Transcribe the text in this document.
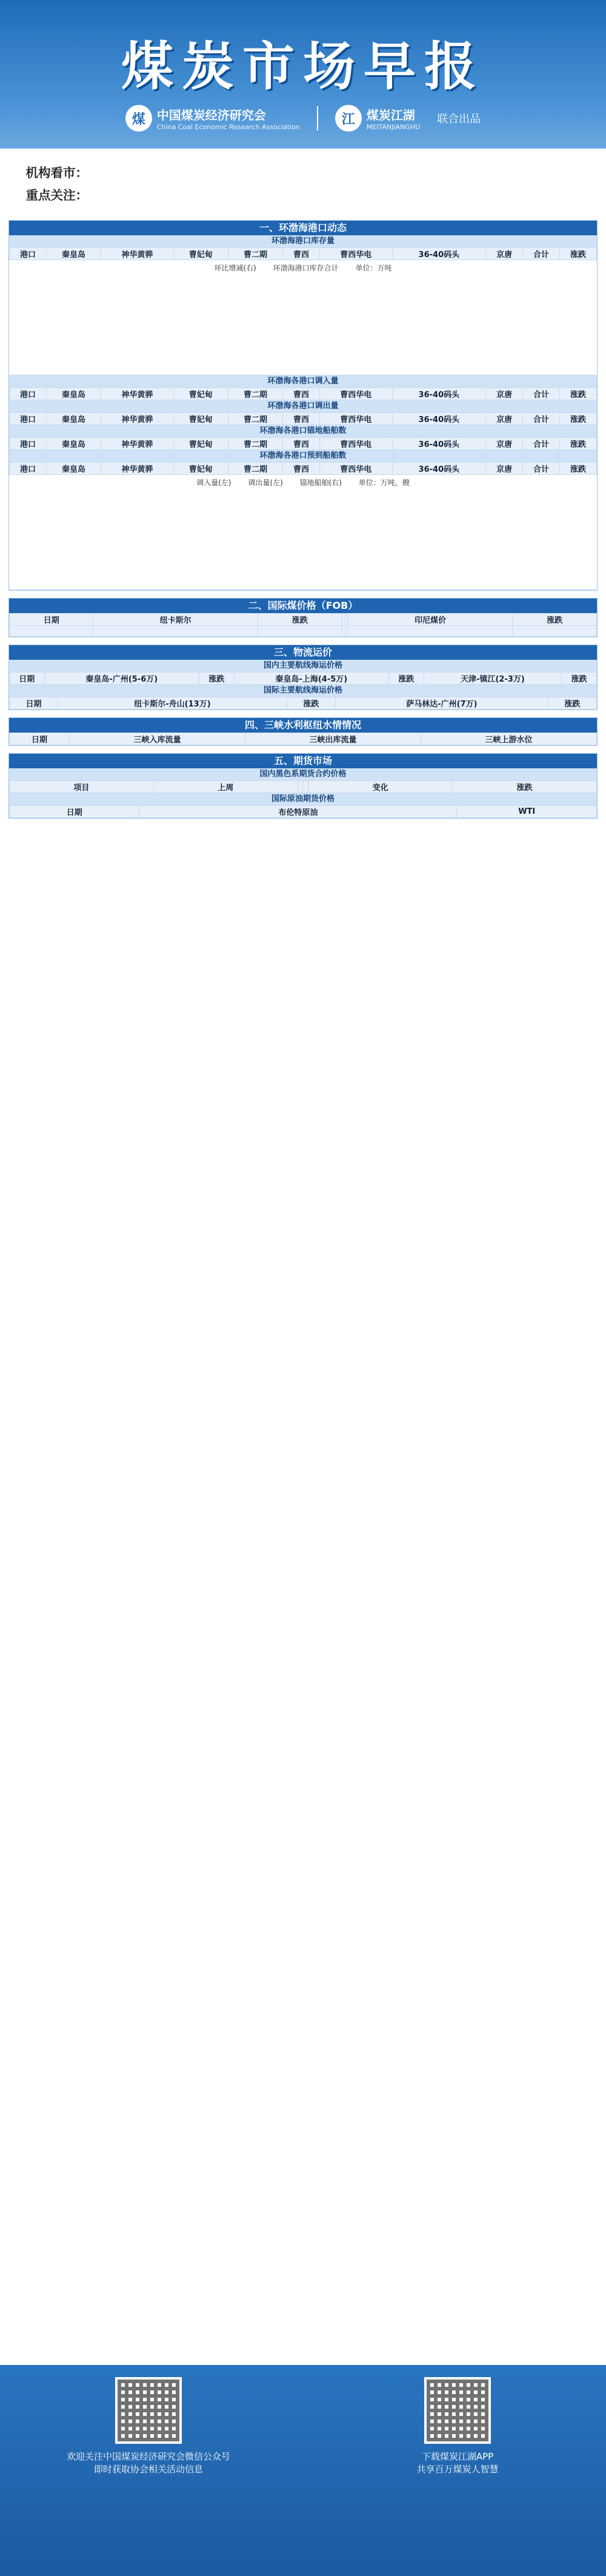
煤炭市场早报
煤 中国煤炭经济研究会
China Coal Economic Research Association	江 煤炭江湖
MEITANJIANGHU
联合出品

机构看市：

重点关注：

一、环渤海港口动态
环渤海港口库存量
港口	秦皇岛	神华黄骅	曹妃甸	曹二期	曹西	曹西华电	36-40码头	京唐	合计	涨跌
环比增减(右) 环渤海港口库存合计 单位：万吨
环渤海各港口调入量
港口	秦皇岛	神华黄骅	曹妃甸	曹二期	曹西	曹西华电	36-40码头	京唐	合计	涨跌
环渤海各港口调出量
港口	秦皇岛	神华黄骅	曹妃甸	曹二期	曹西	曹西华电	36-40码头	京唐	合计	涨跌
环渤海各港口锚地船舶数
港口	秦皇岛	神华黄骅	曹妃甸	曹二期	曹西	曹西华电	36-40码头	京唐	合计	涨跌
环渤海各港口预到船舶数
港口	秦皇岛	神华黄骅	曹妃甸	曹二期	曹西	曹西华电	36-40码头	京唐	合计	涨跌
调入量(左) 调出量(左) 锚地船舶(右) 单位：万吨，艘
二、国际煤价格（FOB）
日期	纽卡斯尔	涨跌			印尼煤价	涨跌

三、物流运价
国内主要航线海运价格
日期	秦皇岛-广州(5-6万)	涨跌	秦皇岛-上海(4-5万)	涨跌	天津-镇江(2-3万)	涨跌
国际主要航线海运价格
日期	纽卡斯尔-舟山(13万)	涨跌	萨马林达-广州(7万)	涨跌
四、三峡水利枢纽水情情况
日期	三峡入库流量	三峡出库流量	三峡上游水位
五、期货市场
国内黑色系期货合约价格
项目	上周			变化	涨跌
国际原油期货价格
日期	布伦特原油	WTI
欢迎关注中国煤炭经济研究会微信公众号
即时获取协会相关活动信息
下载煤炭江湖APP
共享百万煤炭人智慧
